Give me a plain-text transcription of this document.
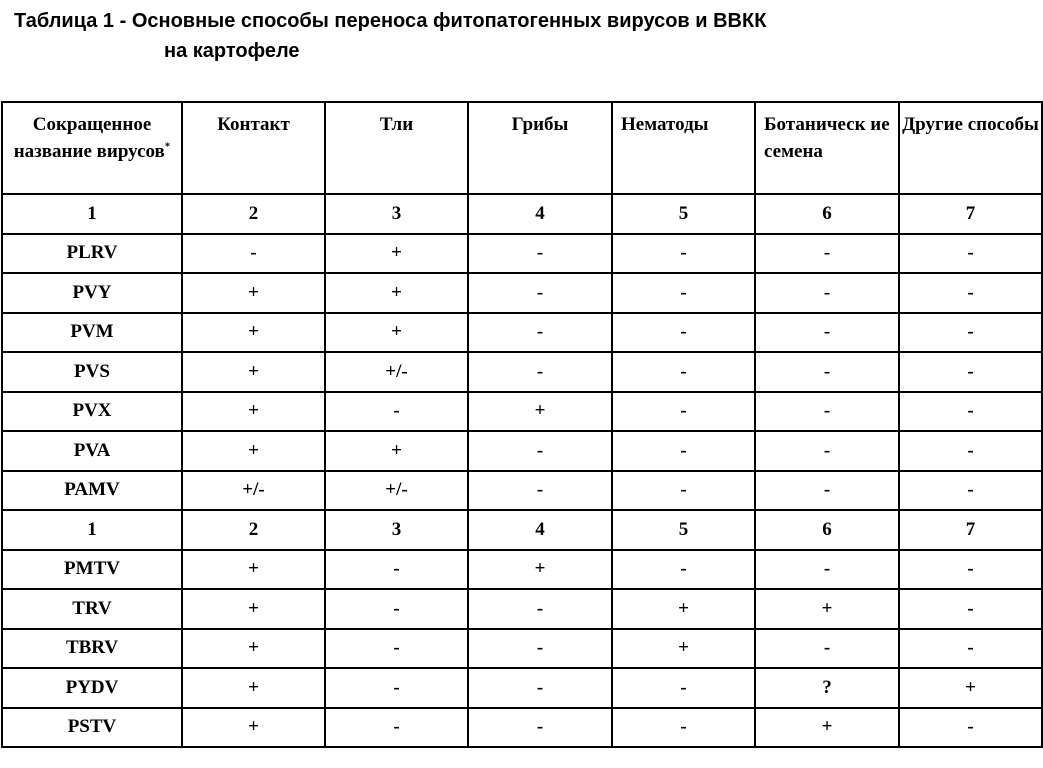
Таблица 1 - Основные способы переноса фитопатогенных вирусов и ВВКК
на картофеле
Сокращенное название вирусов*	Контакт	Тли	Грибы	Нематоды	Ботаническ ие семена	Другие способы
1	2	3	4	5	6	7
PLRV	-	+	-	-	-	-
PVY	+	+	-	-	-	-
PVM	+	+	-	-	-	-
PVS	+	+/-	-	-	-	-
PVX	+	-	+	-	-	-
PVA	+	+	-	-	-	-
PAMV	+/-	+/-	-	-	-	-
1	2	3	4	5	6	7
PMTV	+	-	+	-	-	-
TRV	+	-	-	+	+	-
TBRV	+	-	-	+	-	-
PYDV	+	-	-	-	?	+
PSTV	+	-	-	-	+	-
